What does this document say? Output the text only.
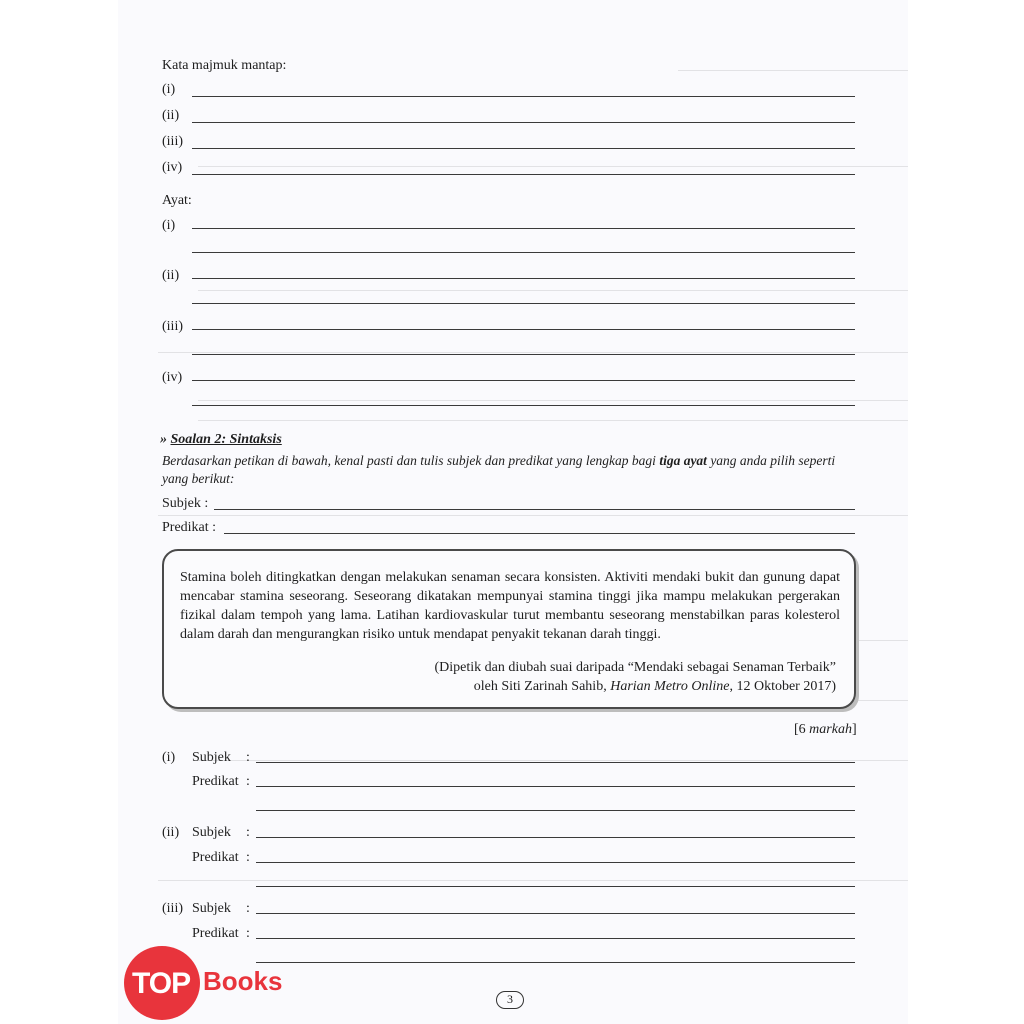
Kata majmuk mantap:
(i)
(ii)
(iii)
(iv)
Ayat:
(i)
(ii)
(iii)
(iv)
» Soalan 2: Sintaksis
Berdasarkan petikan di bawah, kenal pasti dan tulis subjek dan predikat yang lengkap bagi tiga ayat yang anda pilih seperti yang berikut:
Subjek :
Predikat :
Stamina boleh ditingkatkan dengan melakukan senaman secara konsisten. Aktiviti mendaki bukit dan gunung dapat mencabar stamina seseorang. Seseorang dikatakan mempunyai stamina tinggi jika mampu melakukan pergerakan fizikal dalam tempoh yang lama. Latihan kardiovaskular turut membantu seseorang menstabilkan paras kolesterol dalam darah dan mengurangkan risiko untuk mendapat penyakit tekanan darah tinggi.
(Dipetik dan diubah suai daripada “Mendaki sebagai Senaman Terbaik”
oleh Siti Zarinah Sahib, Harian Metro Online, 12 Oktober 2017)
[6 markah]
(i) Subjek :
Predikat :
(ii) Subjek :
Predikat :
(iii) Subjek :
Predikat :
TOP Books
3
